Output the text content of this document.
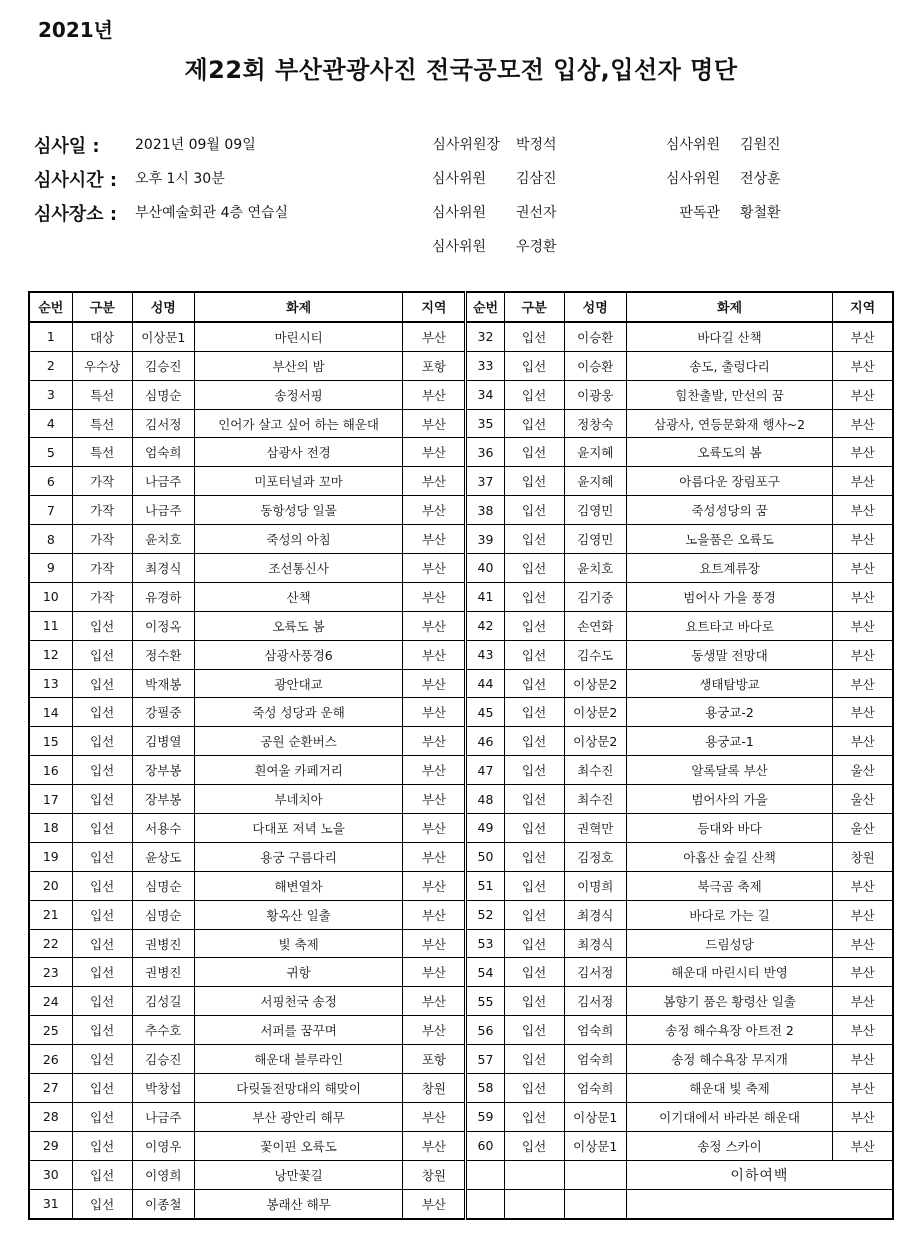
2021년
제22회 부산관광사진 전국공모전 입상,입선자 명단
심사일 :	2021년 09월 09일
심사시간 : 오후 1시 30분
심사장소 : 부산예술회관 4층 연습실
심사위원장 박정석
심사위원 김삼진
심사위원 권선자
심사위원 우경환
심사위원 김원진
심사위원 전상훈
판독관 황철환
순번	구분	성명	화제	지역	순번	구분	성명	화제	지역
1	대상	이상문1	마린시티	부산	32	입선	이승환	바다길 산책	부산
2	우수상	김승진	부산의 밤	포항	33	입선	이승환	송도, 출렁다리	부산
3	특선	심명순	송정서핑	부산	34	입선	이광웅	힘찬출발, 만선의 꿈	부산
4	특선	김서정	인어가 살고 싶어 하는 해운대	부산	35	입선	정창숙	삼광사, 연등문화재 행사~2	부산
5	특선	엄숙희	삼광사 전경	부산	36	입선	윤지혜	오륙도의 봄	부산
6	가작	나금주	미포터널과 꼬마	부산	37	입선	윤지혜	아름다운 장림포구	부산
7	가작	나금주	동항성당 일몰	부산	38	입선	김영민	죽성성당의 꿈	부산
8	가작	윤치호	죽성의 아침	부산	39	입선	김영민	노을품은 오륙도	부산
9	가작	최경식	조선통신사	부산	40	입선	윤치호	요트계류장	부산
10	가작	유경하	산책	부산	41	입선	김기중	범어사 가을 풍경	부산
11	입선	이정옥	오륙도 봄	부산	42	입선	손연화	요트타고 바다로	부산
12	입선	정수환	삼광사풍경6	부산	43	입선	김수도	동생말 전망대	부산
13	입선	박재봉	광안대교	부산	44	입선	이상문2	생태탐방교	부산
14	입선	강필중	죽성 성당과 운해	부산	45	입선	이상문2	용궁교-2	부산
15	입선	김병열	공원 순환버스	부산	46	입선	이상문2	용궁교-1	부산
16	입선	장부봉	흰여울 카페거리	부산	47	입선	최수진	알록달록 부산	울산
17	입선	장부봉	부네치아	부산	48	입선	최수진	범어사의 가을	울산
18	입선	서용수	다대포 저녁 노을	부산	49	입선	권혁만	등대와 바다	울산
19	입선	윤상도	용궁 구름다리	부산	50	입선	김정호	아홉산 숲길 산책	창원
20	입선	심명순	해변열차	부산	51	입선	이명희	북극곰 축제	부산
21	입선	심명순	황옥산 일출	부산	52	입선	최경식	바다로 가는 길	부산
22	입선	권병진	빛 축제	부산	53	입선	최경식	드림성당	부산
23	입선	권병진	귀항	부산	54	입선	김서정	해운대 마린시티 반영	부산
24	입선	김성길	서핑천국 송정	부산	55	입선	김서정	봄향기 품은 황령산 일출	부산
25	입선	추수호	서퍼를 꿈꾸며	부산	56	입선	엄숙희	송정 해수욕장 아트전 2	부산
26	입선	김승진	해운대 블루라인	포항	57	입선	엄숙희	송정 해수욕장 무지개	부산
27	입선	박창섭	다릿돌전망대의 해맞이	창원	58	입선	엄숙희	해운대 빛 축제	부산
28	입선	나금주	부산 광안리 해무	부산	59	입선	이상문1	이기대에서 바라본 해운대	부산
29	입선	이영우	꽃이핀 오륙도	부산	60	입선	이상문1	송정 스카이	부산
30	입선	이영희	낭만꽃길	창원				이하여백	
31	입선	이종철	봉래산 해무	부산					
